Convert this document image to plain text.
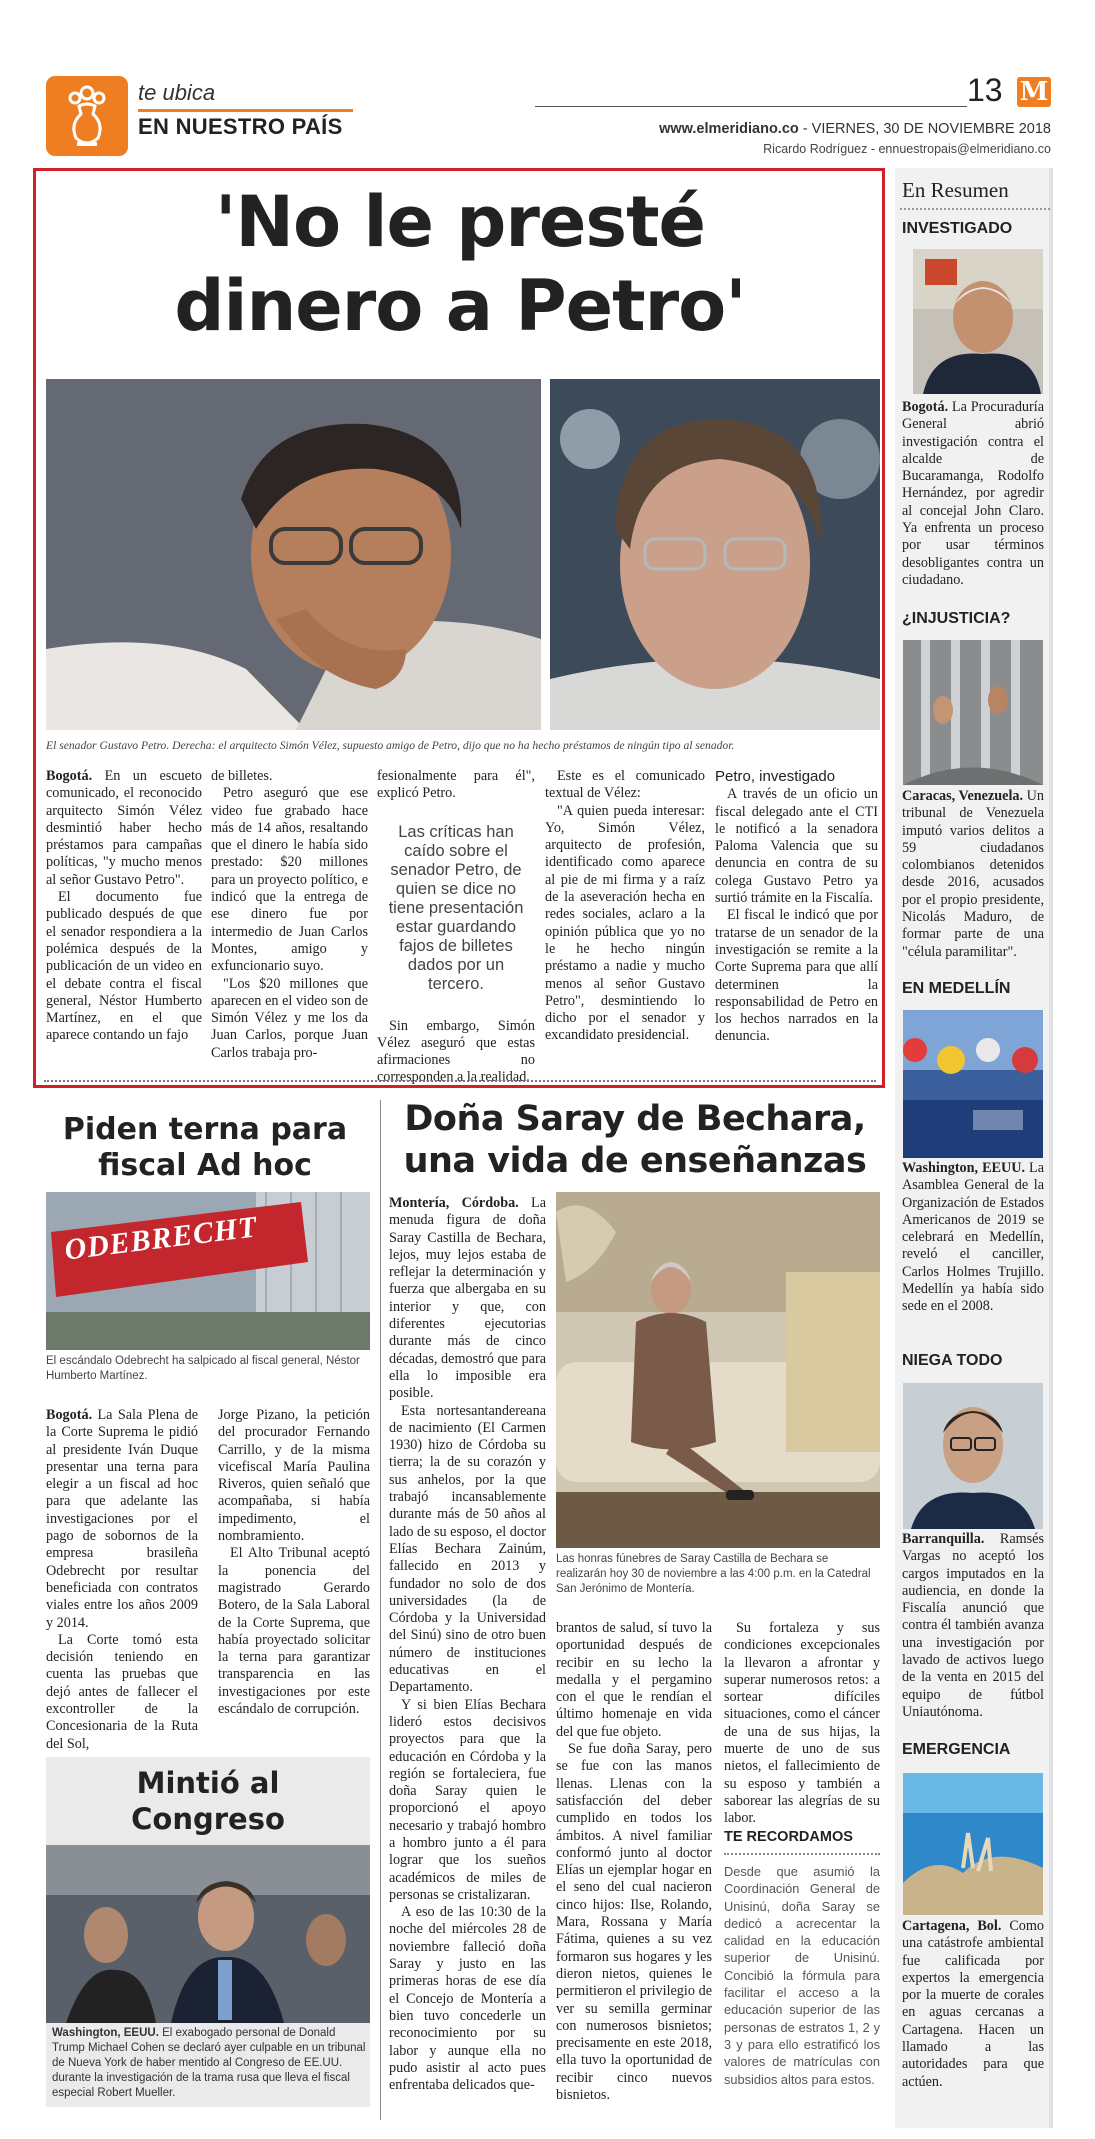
te ubica
EN NUESTRO PAÍS
13 M
www.elmeridiano.co - VIERNES, 30 DE NOVIEMBRE 2018
Ricardo Rodríguez - ennuestropais@elmeridiano.co
'No le presté
dinero a Petro'
El senador Gustavo Petro. Derecha: el arquitecto Simón Vélez, supuesto amigo de Petro, dijo que no ha hecho préstamos de ningún tipo al senador.

Bogotá. En un escueto comunicado, el reconocido arquitecto Simón Vélez desmintió haber hecho préstamos para campañas políticas, "y mucho menos al señor Gustavo Petro".

El documento fue publicado después de que el senador respondiera a la polémica después de la publicación de un video en el debate contra el fiscal general, Néstor Humberto Martínez, en el que aparece contando un fajo

de billetes.

Petro aseguró que ese video fue grabado hace más de 14 años, resaltando que el dinero le había sido prestado: $20 millones para un proyecto político, e indicó que la entrega de ese dinero fue por intermedio de Juan Carlos Montes, amigo y exfuncionario suyo.

"Los $20 millones que aparecen en el video son de Simón Vélez y me los da Juan Carlos, porque Juan Carlos trabaja pro-

fesionalmente para él", explicó Petro.

Las críticas han caído sobre el senador Petro, de quien se dice no tiene presentación estar guardando fajos de billetes dados por un tercero.

Sin embargo, Simón Vélez aseguró que estas afirmaciones no corresponden a la realidad.

Este es el comunicado textual de Vélez:

"A quien pueda interesar: Yo, Simón Vélez, arquitecto de profesión, identificado como aparece al pie de mi firma y a raíz de la aseveración hecha en redes sociales, aclaro a la opinión pública que yo no le he hecho ningún préstamo a nadie y mucho menos al señor Gustavo Petro", desmintiendo lo dicho por el senador y excandidato presidencial.

Petro, investigado

A través de un oficio un fiscal delegado ante el CTI le notificó a la senadora Paloma Valencia que su denuncia en contra de su colega Gustavo Petro ya surtió trámite en la Fiscalía.

El fiscal le indicó que por tratarse de un senador de la investigación se remite a la Corte Suprema para que allí determinen la responsabilidad de Petro en los hechos narrados en la denuncia.

En Resumen
INVESTIGADO
Bogotá. La Procuraduría General abrió investigación contra el alcalde de Bucaramanga, Rodolfo Hernández, por agredir al concejal John Claro. Ya enfrenta un proceso por usar términos desobligantes contra un ciudadano.
¿INJUSTICIA?
Caracas, Venezuela. Un tribunal de Venezuela imputó varios delitos a 59 ciudadanos colombianos detenidos desde 2016, acusados por el propio presidente, Nicolás Maduro, de formar parte de una "célula paramilitar".
EN MEDELLÍN
Washington, EEUU. La Asamblea General de la Organización de Estados Americanos de 2019 se celebrará en Medellín, reveló el canciller, Carlos Holmes Trujillo. Medellín ya había sido sede en el 2008.
NIEGA TODO
Barranquilla. Ramsés Vargas no aceptó los cargos imputados en la audiencia, en donde la Fiscalía anunció que contra él también avanza una investigación por lavado de activos luego de la venta en 2015 del equipo de fútbol Uniautónoma.
EMERGENCIA
Cartagena, Bol. Como una catástrofe ambiental fue calificada por expertos la emergencia por la muerte de corales en aguas cercanas a Cartagena. Hacen un llamado a las autoridades para que actúen.
Piden terna para
fiscal Ad hoc
ODEBRECHT
El escándalo Odebrecht ha salpicado al fiscal general, Néstor Humberto Martínez.

Bogotá. La Sala Plena de la Corte Suprema le pidió al presidente Iván Duque presentar una terna para elegir a un fiscal ad hoc para que adelante las investigaciones por el pago de sobornos de la empresa brasileña Odebrecht por resultar beneficiada con contratos viales entre los años 2009 y 2014.

La Corte tomó esta decisión teniendo en cuenta las pruebas que dejó antes de fallecer el excontroller de la Concesionaria de la Ruta del Sol,

Jorge Pizano, la petición del procurador Fernando Carrillo, y de la misma vicefiscal María Paulina Riveros, quien señaló que acompañaba, si había impedimento, el nombramiento.

El Alto Tribunal aceptó la ponencia del magistrado Gerardo Botero, de la Sala Laboral de la Corte Suprema, que había proyectado solicitar la terna para garantizar transparencia en las investigaciones por este escándalo de corrupción.

Mintió al
Congreso
Washington, EEUU. El exabogado personal de Donald Trump Michael Cohen se declaró ayer culpable en un tribunal de Nueva York de haber mentido al Congreso de EE.UU. durante la investigación de la trama rusa que lleva el fiscal especial Robert Mueller.
Doña Saray de Bechara,
una vida de enseñanzas

Montería, Córdoba. La menuda figura de doña Saray Castilla de Bechara, lejos, muy lejos estaba de reflejar la determinación y fuerza que albergaba en su interior y que, con diferentes ejecutorias durante más de cinco décadas, demostró que para ella lo imposible era posible.

Esta nortesantandereana de nacimiento (El Carmen 1930) hizo de Córdoba su tierra; la de su corazón y sus anhelos, por la que trabajó incansablemente durante más de 50 años al lado de su esposo, el doctor Elías Bechara Zainúm, fallecido en 2013 y fundador no solo de dos universidades (la de Córdoba y la Universidad del Sinú) sino de otro buen número de instituciones educativas en el Departamento.

Y si bien Elías Bechara lideró estos decisivos proyectos para que la educación en Córdoba y la región se fortaleciera, fue doña Saray quien le proporcionó el apoyo necesario y trabajó hombro a hombro junto a él para lograr que los sueños académicos de miles de personas se cristalizaran.

A eso de las 10:30 de la noche del miércoles 28 de noviembre falleció doña Saray y justo en las primeras horas de ese día el Concejo de Montería a bien tuvo concederle un reconocimiento por su labor y aunque ella no pudo asistir al acto pues enfrentaba delicados que-

Las honras fúnebres de Saray Castilla de Bechara se realizarán hoy 30 de noviembre a las 4:00 p.m. en la Catedral San Jerónimo de Montería.

brantos de salud, sí tuvo la oportunidad después de recibir en su lecho la medalla y el pergamino con el que le rendían el último homenaje en vida del que fue objeto.

Se fue doña Saray, pero se fue con las manos llenas. Llenas con la satisfacción del deber cumplido en todos los ámbitos. A nivel familiar conformó junto al doctor Elías un ejemplar hogar en el seno del cual nacieron cinco hijos: Ilse, Rolando, Mara, Rossana y María Fátima, quienes a su vez formaron sus hogares y les dieron nietos, quienes le permitieron el privilegio de ver su semilla germinar con numerosos bisnietos; precisamente en este 2018, ella tuvo la oportunidad de recibir cinco nuevos bisnietos.

Su fortaleza y sus condiciones excepcionales la llevaron a afrontar y superar numerosos retos: a sortear difíciles situaciones, como el cáncer de una de sus hijas, la muerte de uno de sus nietos, el fallecimiento de su esposo y también a saborear las alegrías de su labor.

TE RECORDAMOS
Desde que asumió la Coordinación General de Unisinú, doña Saray se dedicó a acrecentar la calidad en la educación superior de Unisinú. Concibió la fórmula para facilitar el acceso a la educación superior de las personas de estratos 1, 2 y 3 y para ello estratificó los valores de matrículas con subsidios altos para estos.
